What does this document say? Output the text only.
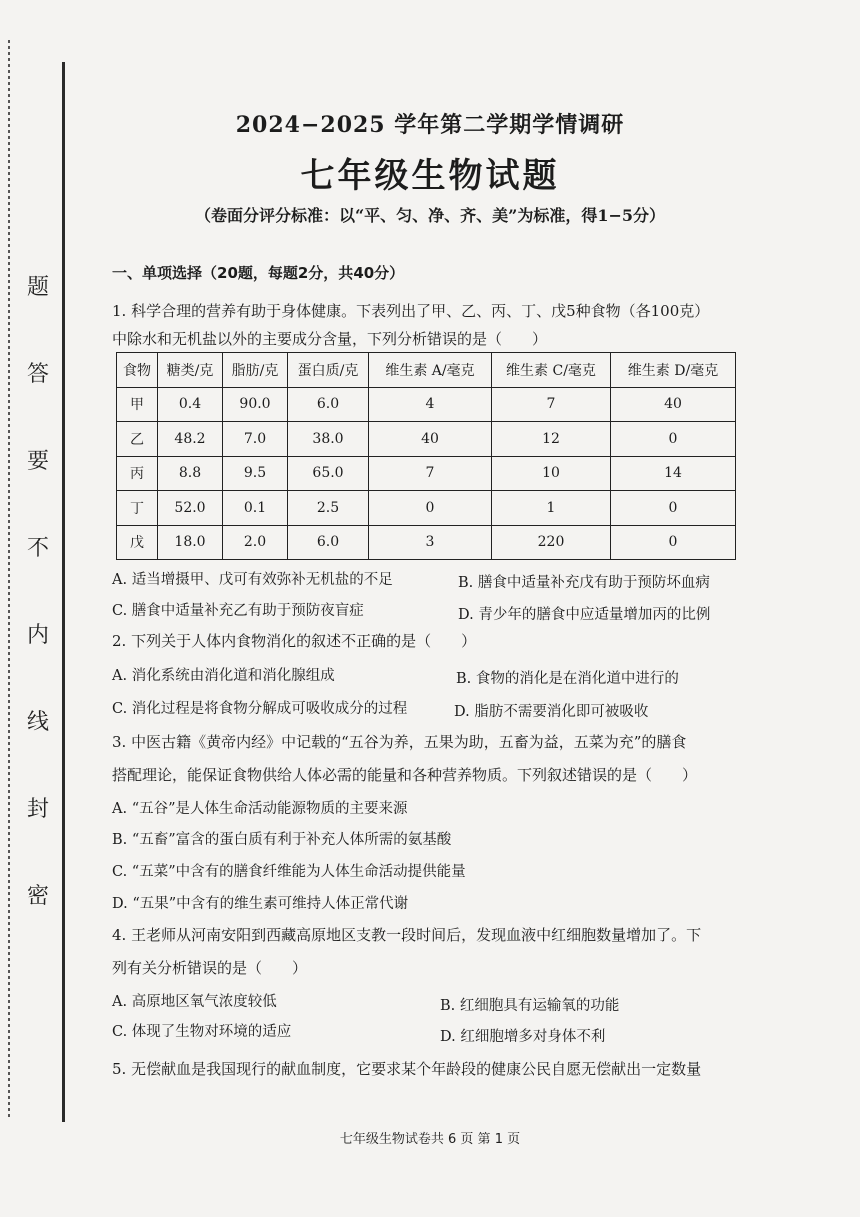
题
答
要
不
内
线
封
密
2024−2025 学年第二学期学情调研
七年级生物试题
（卷面分评分标准：以“平、匀、净、齐、美”为标准，得1−5分）
一、单项选择（20题，每题2分，共40分）
1. 科学合理的营养有助于身体健康。下表列出了甲、乙、丙、丁、戊5种食物（各100克）
中除水和无机盐以外的主要成分含量，下列分析错误的是（　　）
食物	糖类/克	脂肪/克	蛋白质/克	维生素 A/毫克	维生素 C/毫克	维生素 D/毫克
甲	0.4	90.0	6.0	4	7	40
乙	48.2	7.0	38.0	40	12	0
丙	8.8	9.5	65.0	7	10	14
丁	52.0	0.1	2.5	0	1	0
戊	18.0	2.0	6.0	3	220	0
A. 适当增摄甲、戊可有效弥补无机盐的不足	B. 膳食中适量补充戊有助于预防坏血病
C. 膳食中适量补充乙有助于预防夜盲症	D. 青少年的膳食中应适量增加丙的比例
2. 下列关于人体内食物消化的叙述不正确的是（　　）
A. 消化系统由消化道和消化腺组成	B. 食物的消化是在消化道中进行的
C. 消化过程是将食物分解成可吸收成分的过程	D. 脂肪不需要消化即可被吸收
3. 中医古籍《黄帝内经》中记载的“五谷为养，五果为助，五畜为益，五菜为充”的膳食
搭配理论，能保证食物供给人体必需的能量和各种营养物质。下列叙述错误的是（　　）
A. “五谷”是人体生命活动能源物质的主要来源
B. “五畜”富含的蛋白质有利于补充人体所需的氨基酸
C. “五菜”中含有的膳食纤维能为人体生命活动提供能量
D. “五果”中含有的维生素可维持人体正常代谢
4. 王老师从河南安阳到西藏高原地区支教一段时间后，发现血液中红细胞数量增加了。下
列有关分析错误的是（　　）
A. 高原地区氧气浓度较低	B. 红细胞具有运输氧的功能
C. 体现了生物对环境的适应	D. 红细胞增多对身体不利
5. 无偿献血是我国现行的献血制度，它要求某个年龄段的健康公民自愿无偿献出一定数量
七年级生物试卷共 6 页 第 1 页
